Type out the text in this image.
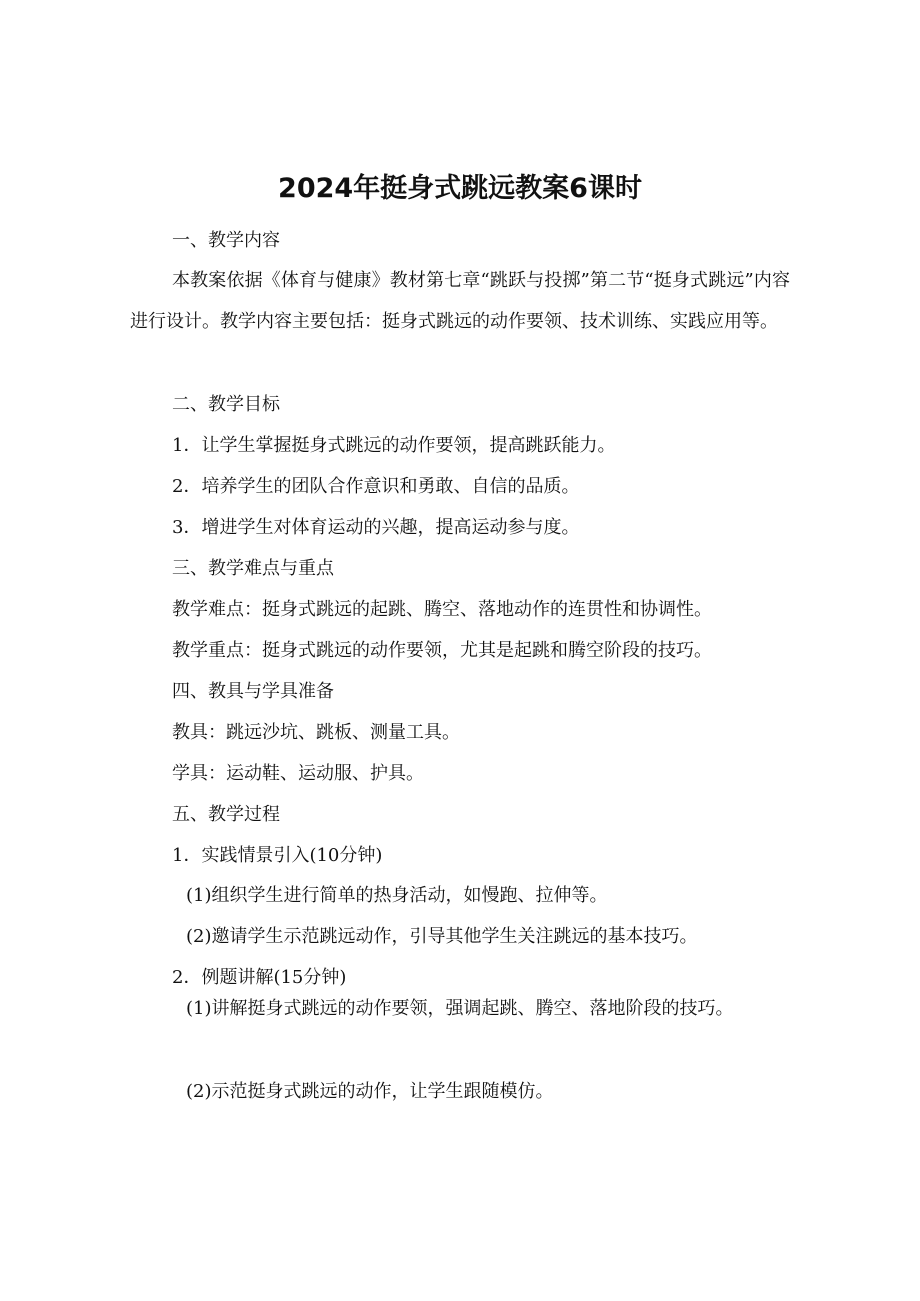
2024年挺身式跳远教案6课时
一、教学内容
本教案依据《体育与健康》教材第七章“跳跃与投掷”第二节“挺身式跳远”内容进行设计。教学内容主要包括：挺身式跳远的动作要领、技术训练、实践应用等。
二、教学目标
1．让学生掌握挺身式跳远的动作要领，提高跳跃能力。
2．培养学生的团队合作意识和勇敢、自信的品质。
3．增进学生对体育运动的兴趣，提高运动参与度。
三、教学难点与重点
教学难点：挺身式跳远的起跳、腾空、落地动作的连贯性和协调性。
教学重点：挺身式跳远的动作要领，尤其是起跳和腾空阶段的技巧。
四、教具与学具准备
教具：跳远沙坑、跳板、测量工具。
学具：运动鞋、运动服、护具。
五、教学过程
1．实践情景引入(10分钟)
(1)组织学生进行简单的热身活动，如慢跑、拉伸等。
(2)邀请学生示范跳远动作，引导其他学生关注跳远的基本技巧。
2．例题讲解(15分钟)
(1)讲解挺身式跳远的动作要领，强调起跳、腾空、落地阶段的技巧。
(2)示范挺身式跳远的动作，让学生跟随模仿。
